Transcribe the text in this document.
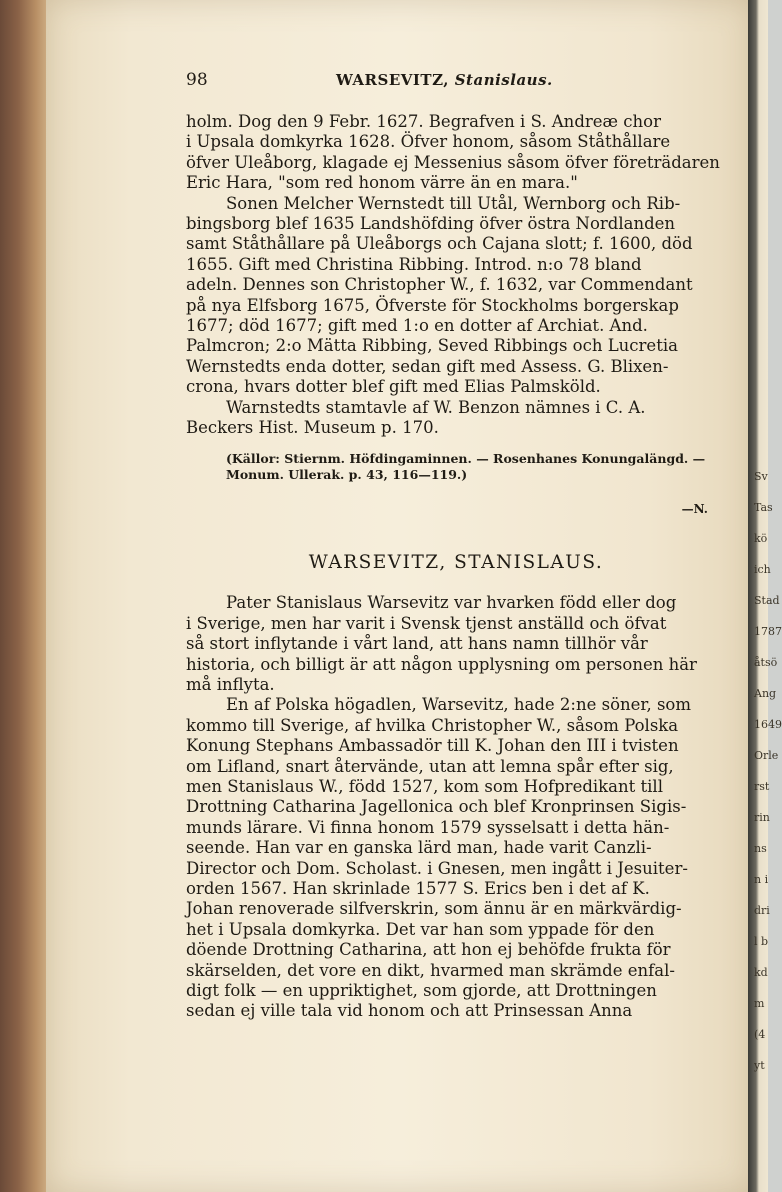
Sv
Tas
kö
ich
Stad
1787
åtsö
Ang
1649
Orle
rst
rin
ns
n i
dri
l b
kd
m
(4
yt
98	WARSEVITZ, Stanislaus.

holm. Dog den 9 Febr. 1627. Begrafven i S. Andreæ chor
i Upsala domkyrka 1628. Öfver honom, såsom Ståthållare
öfver Uleåborg, klagade ej Messenius såsom öfver företrädaren
Eric Hara, "som red honom värre än en mara."

Sonen Melcher Wernstedt till Utål, Wernborg och Rib-
bingsborg blef 1635 Landshöfding öfver östra Nordlanden
samt Ståthållare på Uleåborgs och Cajana slott; f. 1600, död
1655. Gift med Christina Ribbing. Introd. n:o 78 bland
adeln. Dennes son Christopher W., f. 1632, var Commendant
på nya Elfsborg 1675, Öfverste för Stockholms borgerskap
1677; död 1677; gift med 1:o en dotter af Archiat. And.
Palmcron; 2:o Mätta Ribbing, Seved Ribbings och Lucretia
Wernstedts enda dotter, sedan gift med Assess. G. Blixen-
crona, hvars dotter blef gift med Elias Palmsköld.

Warnstedts stamtavle af W. Benzon nämnes i C. A.
Beckers Hist. Museum p. 170.

(Källor: Stiernm. Höfdingaminnen. — Rosenhanes Konungalängd. —
Monum. Ullerak. p. 43, 116—119.)
—N.
WARSEVITZ, STANISLAUS.

Pater Stanislaus Warsevitz var hvarken född eller dog
i Sverige, men har varit i Svensk tjenst anställd och öfvat
så stort inflytande i vårt land, att hans namn tillhör vår
historia, och billigt är att någon upplysning om personen här
må inflyta.

En af Polska högadlen, Warsevitz, hade 2:ne söner, som
kommo till Sverige, af hvilka Christopher W., såsom Polska
Konung Stephans Ambassadör till K. Johan den III i tvisten
om Lifland, snart återvände, utan att lemna spår efter sig,
men Stanislaus W., född 1527, kom som Hofpredikant till
Drottning Catharina Jagellonica och blef Kronprinsen Sigis-
munds lärare. Vi finna honom 1579 sysselsatt i detta hän-
seende. Han var en ganska lärd man, hade varit Canzli-
Director och Dom. Scholast. i Gnesen, men ingått i Jesuiter-
orden 1567. Han skrinlade 1577 S. Erics ben i det af K.
Johan renoverade silfverskrin, som ännu är en märkvärdig-
het i Upsala domkyrka. Det var han som yppade för den
döende Drottning Catharina, att hon ej behöfde frukta för
skärselden, det vore en dikt, hvarmed man skrämde enfal-
digt folk — en uppriktighet, som gjorde, att Drottningen
sedan ej ville tala vid honom och att Prinsessan Anna
